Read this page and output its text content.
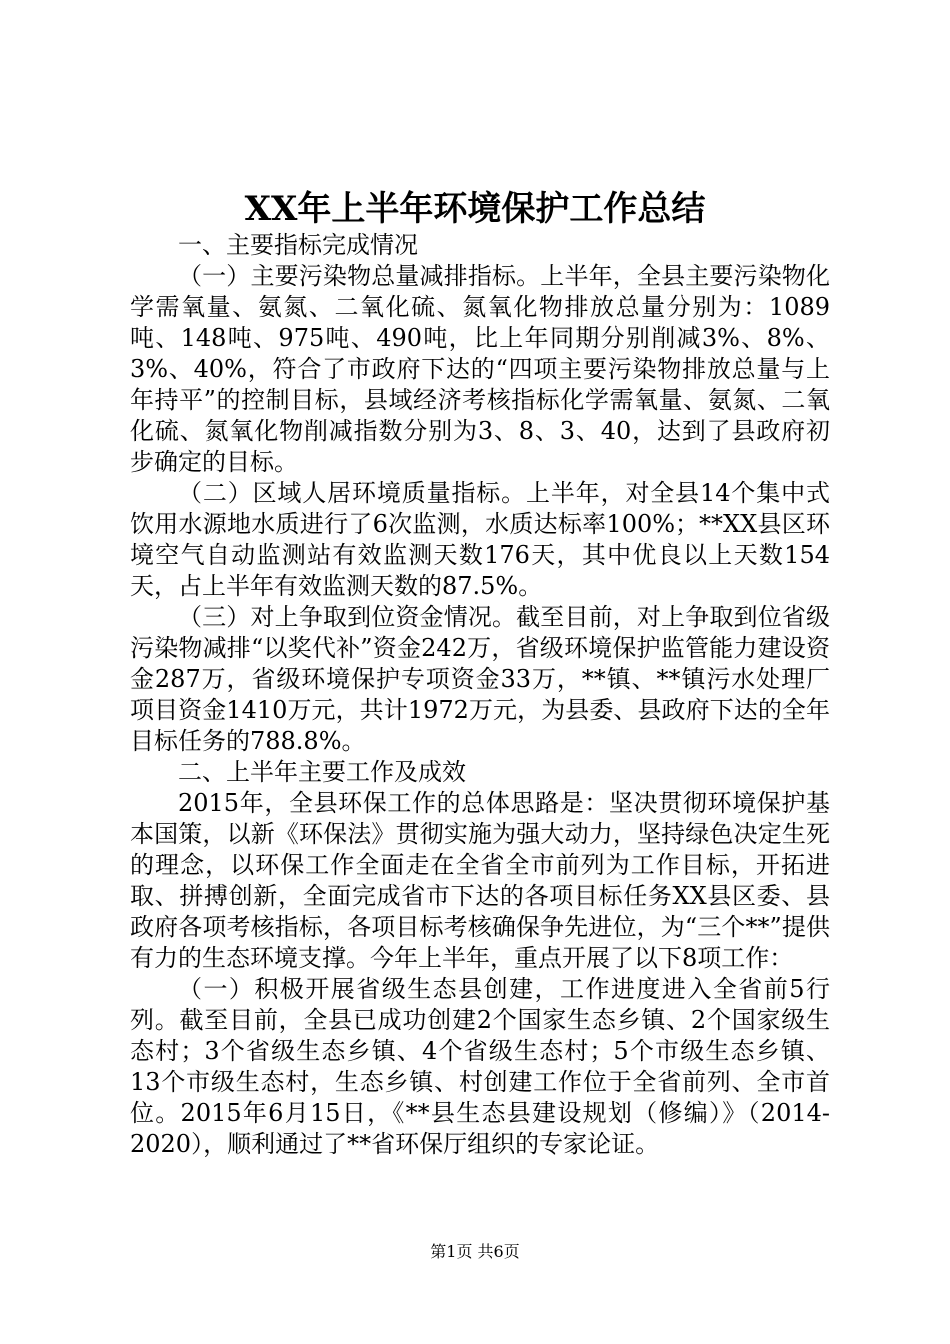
XX年上半年环境保护工作总结

一、主要指标完成情况

（一）主要污染物总量减排指标。上半年，全县主要污染物化学需氧量、氨氮、二氧化硫、氮氧化物排放总量分别为：1089吨、148吨、975吨、490吨，比上年同期分别削减3%、8%、3%、40%，符合了市政府下达的“四项主要污染物排放总量与上年持平”的控制目标，县域经济考核指标化学需氧量、氨氮、二氧化硫、氮氧化物削减指数分别为3、8、3、40，达到了县政府初步确定的目标。

（二）区域人居环境质量指标。上半年，对全县14个集中式饮用水源地水质进行了6次监测，水质达标率100%；**XX县区环境空气自动监测站有效监测天数176天，其中优良以上天数154天，占上半年有效监测天数的87.5%。

（三）对上争取到位资金情况。截至目前，对上争取到位省级污染物减排“以奖代补”资金242万，省级环境保护监管能力建设资金287万，省级环境保护专项资金33万，**镇、**镇污水处理厂项目资金1410万元，共计1972万元，为县委、县政府下达的全年目标任务的788.8%。

二、上半年主要工作及成效

2015年，全县环保工作的总体思路是：坚决贯彻环境保护基本国策，以新《环保法》贯彻实施为强大动力，坚持绿色决定生死的理念，以环保工作全面走在全省全市前列为工作目标，开拓进取、拼搏创新，全面完成省市下达的各项目标任务XX县区委、县政府各项考核指标，各项目标考核确保争先进位，为“三个**”提供有力的生态环境支撑。今年上半年，重点开展了以下8项工作：

（一）积极开展省级生态县创建，工作进度进入全省前5行列。截至目前，全县已成功创建2个国家生态乡镇、2个国家级生态村；3个省级生态乡镇、4个省级生态村；5个市级生态乡镇、13个市级生态村，生态乡镇、村创建工作位于全省前列、全市首位。2015年6月15日，《**县生态县建设规划（修编）》（2014-2020），顺利通过了**省环保厅组织的专家论证。

第1页 共6页
